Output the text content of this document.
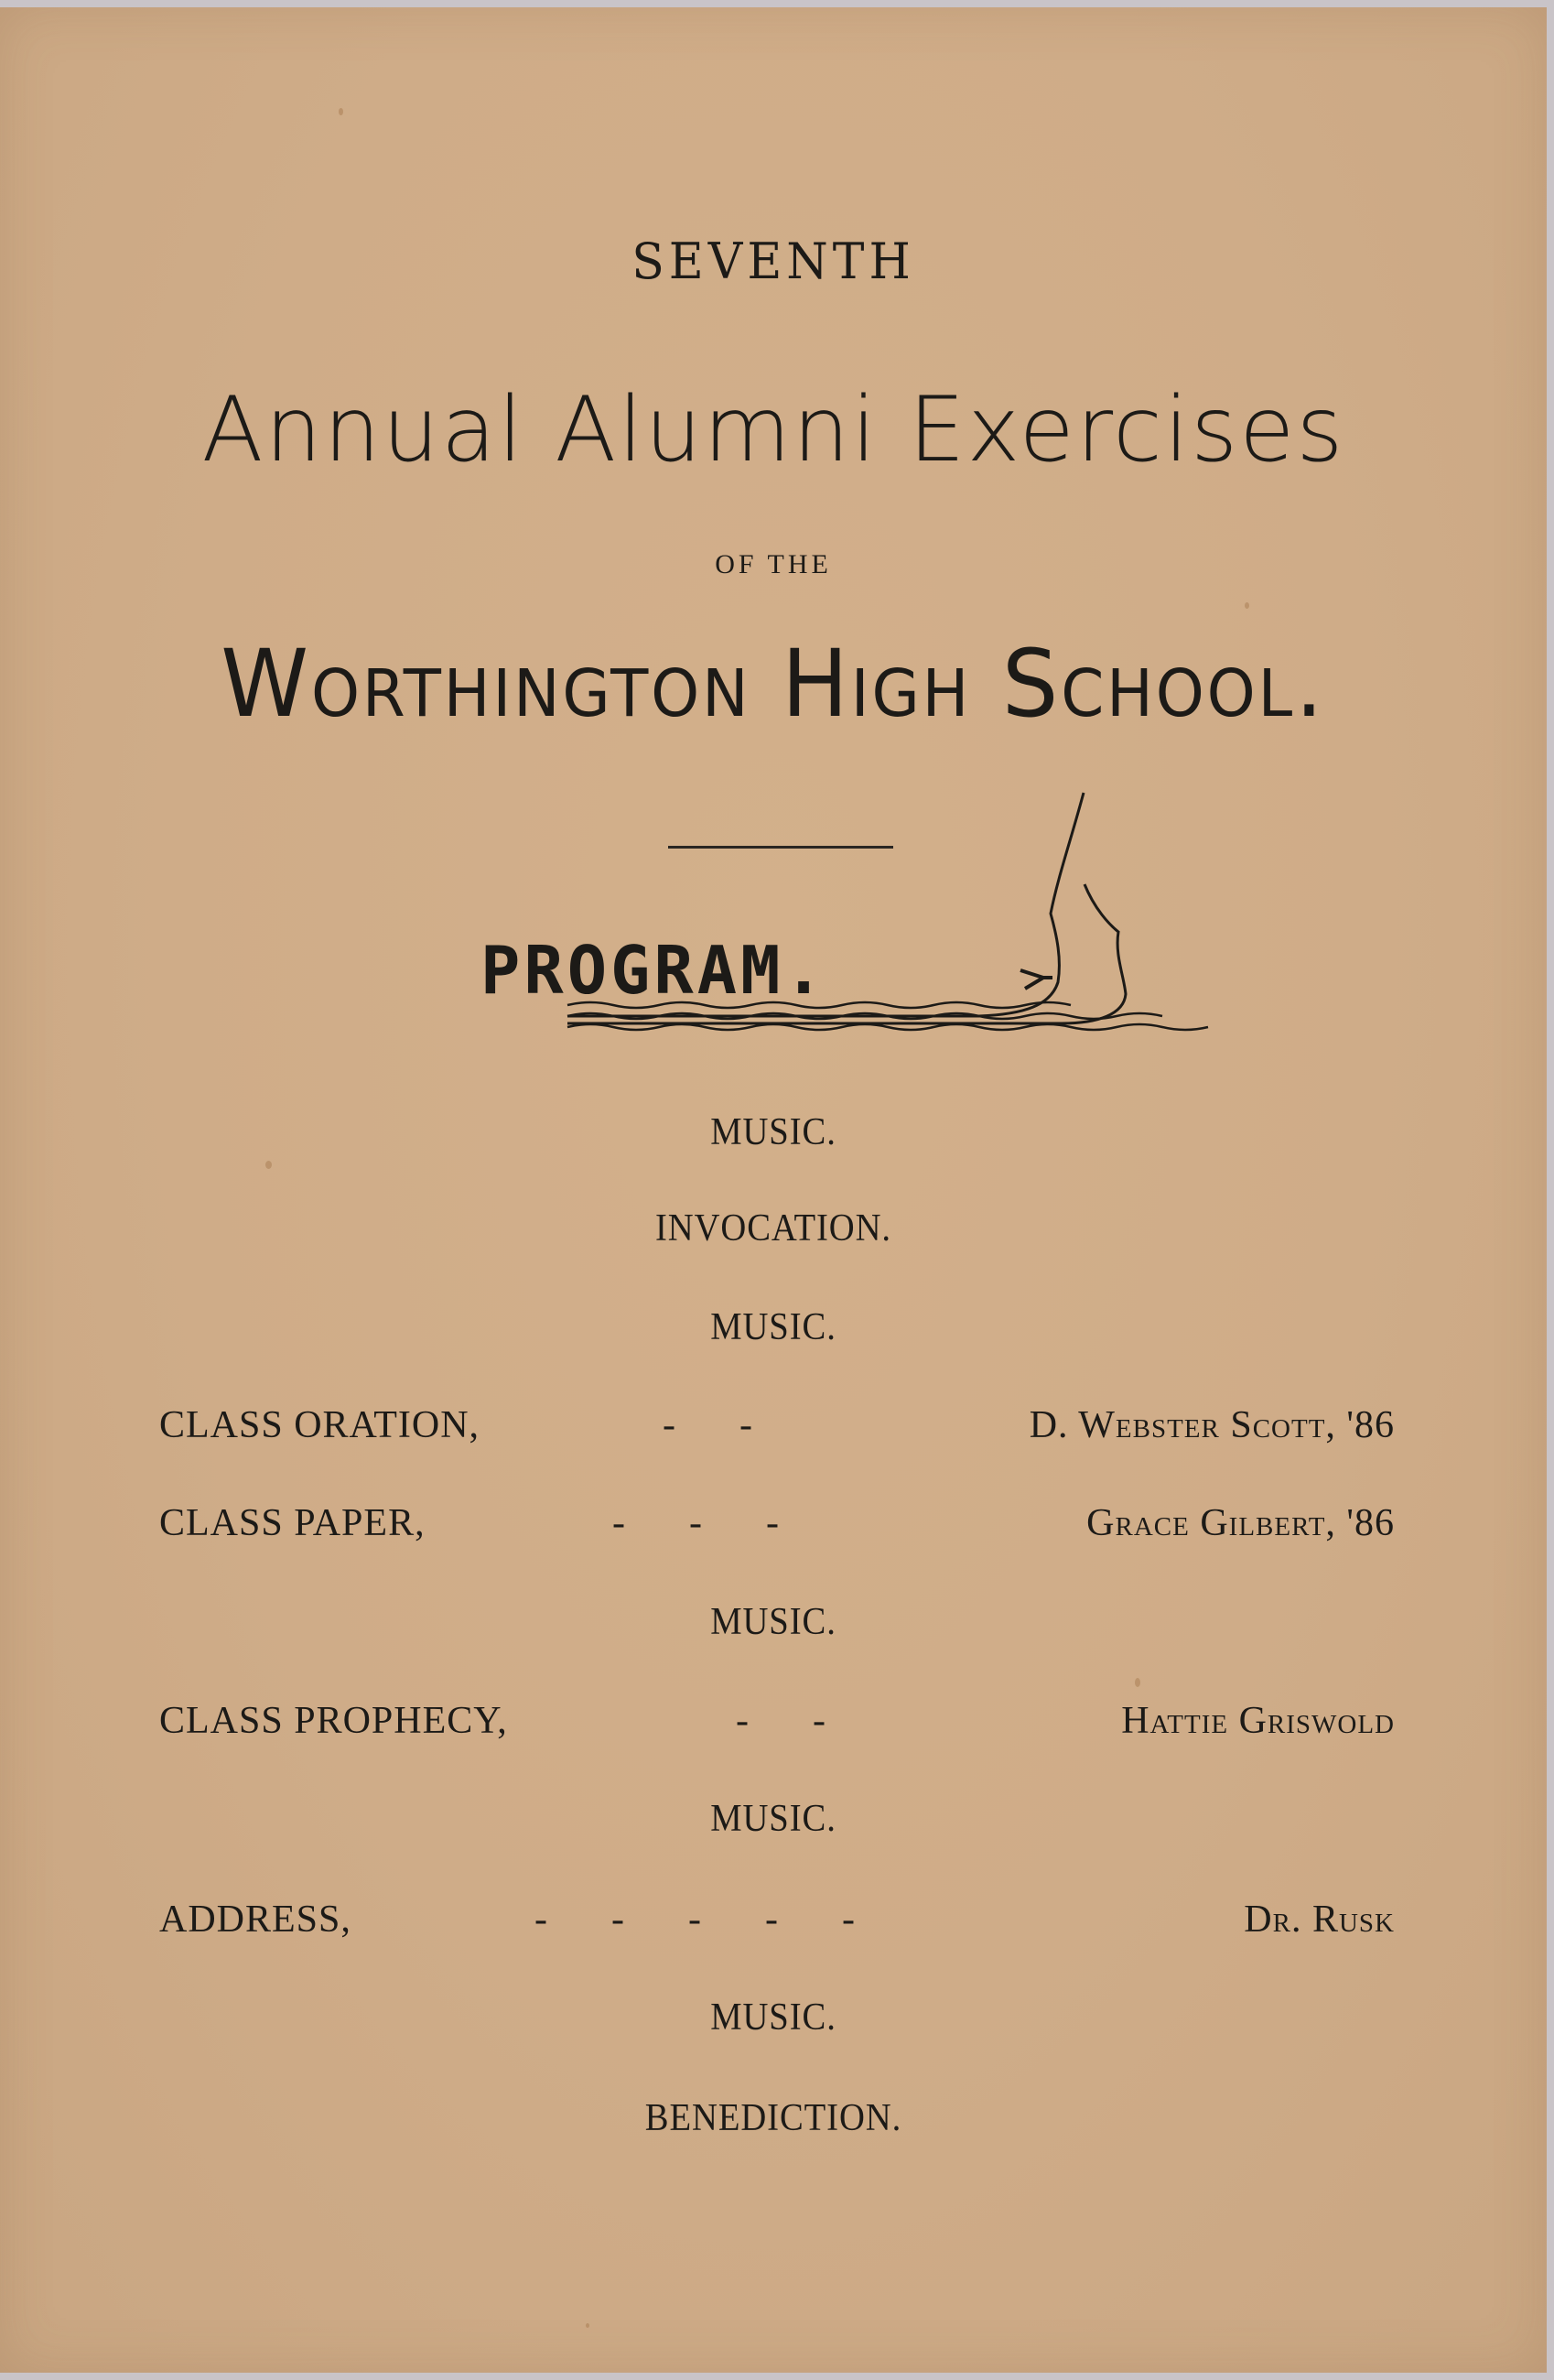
SEVENTH
Annual Alumni Exercises
OF THE
Worthington High School.
PROGRAM.
MUSIC.
INVOCATION.
MUSIC.
CLASS ORATION,	-      -	D. Webster Scott, '86
CLASS PAPER,	-      -      -	Grace Gilbert, '86
MUSIC.
CLASS PROPHECY,	-      -	Hattie Griswold
MUSIC.
ADDRESS,	-      -      -      -      -	Dr. Rusk
MUSIC.
BENEDICTION.
